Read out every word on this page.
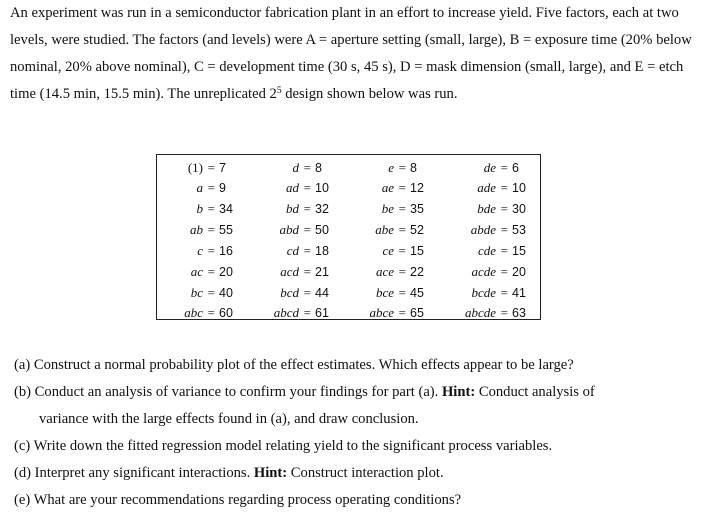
An experiment was run in a semiconductor fabrication plant in an effort to increase yield. Five factors, each at two levels, were studied. The factors (and levels) were A = aperture setting (small, large), B = exposure time (20% below nominal, 20% above nominal), C = development time (30 s, 45 s), D = mask dimension (small, large), and E = etch time (14.5 min, 15.5 min). The unreplicated $2^5$ design shown below was run.

(1) = 7	d = 8	e = 8	de = 6
a = 9	ad = 10	ae = 12	ade = 10
b = 34	bd = 32	be = 35	bde = 30
ab = 55	abd = 50	abe = 52	abde = 53
c = 16	cd = 18	ce = 15	cde = 15
ac = 20	acd = 21	ace = 22	acde = 20
bc = 40	bcd = 44	bce = 45	bcde = 41
abc = 60	abcd = 61	abce = 65	abcde = 63
(a) Construct a normal probability plot of the effect estimates. Which effects appear to be large?
(b) Conduct an analysis of variance to confirm your findings for part (a). Hint: Conduct analysis of
variance with the large effects found in (a), and draw conclusion.
(c) Write down the fitted regression model relating yield to the significant process variables.
(d) Interpret any significant interactions. Hint: Construct interaction plot.
(e) What are your recommendations regarding process operating conditions?
